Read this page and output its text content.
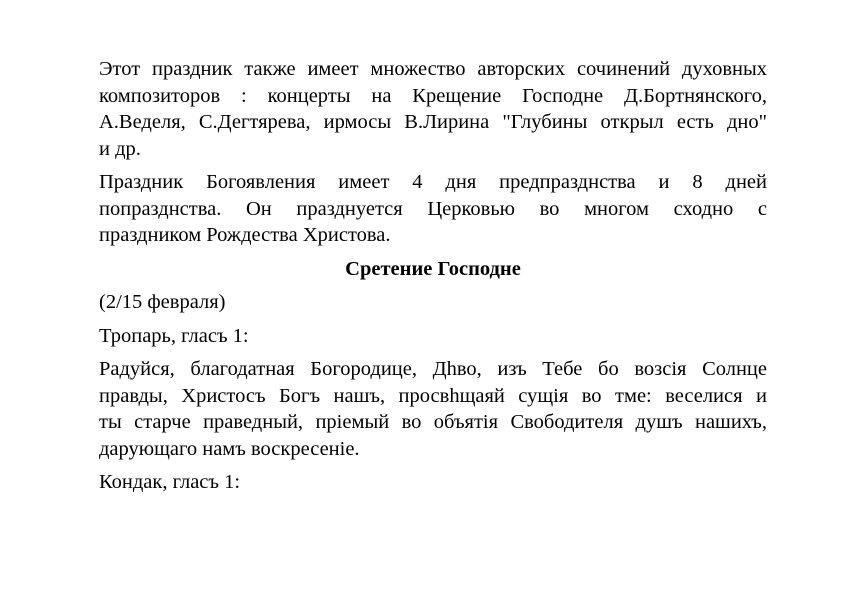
Этот праздник также имеет множество авторских сочинений духовных
композиторов : концерты на Крещение Господне Д.Бортнянского,
А.Веделя, С.Дегтярева, ирмосы В.Лирина "Глубины открыл есть дно"
и др.
Праздник Богоявления имеет 4 дня предпразднства и 8 дней
попразднства. Он празднуется Церковью во многом сходно с
праздником Рождества Христова.
Сретение Господне
(2/15 февраля)
Тропарь, гласъ 1:
Радуйся, благодатная Богородице, Дhво, изъ Тебе бо возсія Солнце
правды, Христосъ Богъ нашъ, просвhщаяй сущія во тме: веселися и
ты старче праведный, пріемый во объятія Свободителя душъ нашихъ,
дарующаго намъ воскресеніе.
Кондак, гласъ 1:
